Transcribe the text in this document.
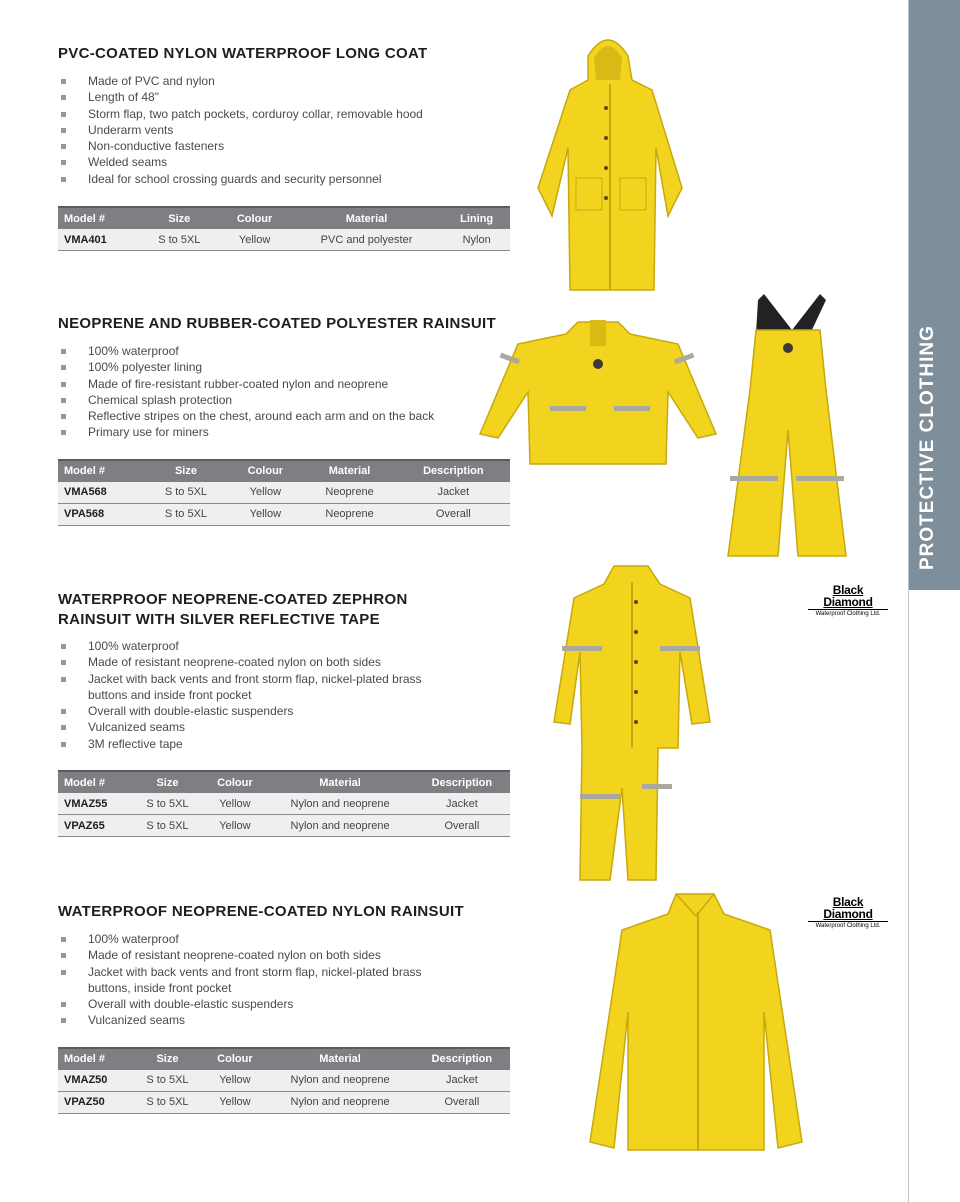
PVC-COATED NYLON WATERPROOF LONG COAT
Made of PVC and nylon
Length of 48"
Storm flap, two patch pockets, corduroy collar, removable hood
Underarm vents
Non-conductive fasteners
Welded seams
Ideal for school crossing guards and security personnel
Model #	Size	Colour	Material	Lining
VMA401	S to 5XL	Yellow	PVC and polyester	Nylon
NEOPRENE AND RUBBER-COATED POLYESTER RAINSUIT
100% waterproof
100% polyester lining
Made of fire-resistant rubber-coated nylon and neoprene
Chemical splash protection
Reflective stripes on the chest, around each arm and on the back
Primary use for miners
Model #	Size	Colour	Material	Description
VMA568	S to 5XL	Yellow	Neoprene	Jacket
VPA568	S to 5XL	Yellow	Neoprene	Overall
WATERPROOF NEOPRENE-COATED ZEPHRON RAINSUIT WITH SILVER REFLECTIVE TAPE
100% waterproof
Made of resistant neoprene-coated nylon on both sides
Jacket with back vents and front storm flap, nickel-plated brass buttons and inside front pocket
Overall with double-elastic suspenders
Vulcanized seams
3M reflective tape
Model #	Size	Colour	Material	Description
VMAZ55	S to 5XL	Yellow	Nylon and neoprene	Jacket
VPAZ65	S to 5XL	Yellow	Nylon and neoprene	Overall
WATERPROOF NEOPRENE-COATED NYLON RAINSUIT
100% waterproof
Made of resistant neoprene-coated nylon on both sides
Jacket with back vents and front storm flap, nickel-plated brass buttons, inside front pocket
Overall with double-elastic suspenders
Vulcanized seams
Model #	Size	Colour	Material	Description
VMAZ50	S to 5XL	Yellow	Nylon and neoprene	Jacket
VPAZ50	S to 5XL	Yellow	Nylon and neoprene	Overall
Black Diamond
Waterproof Clothing Ltd.
Black Diamond
Waterproof Clothing Ltd.
